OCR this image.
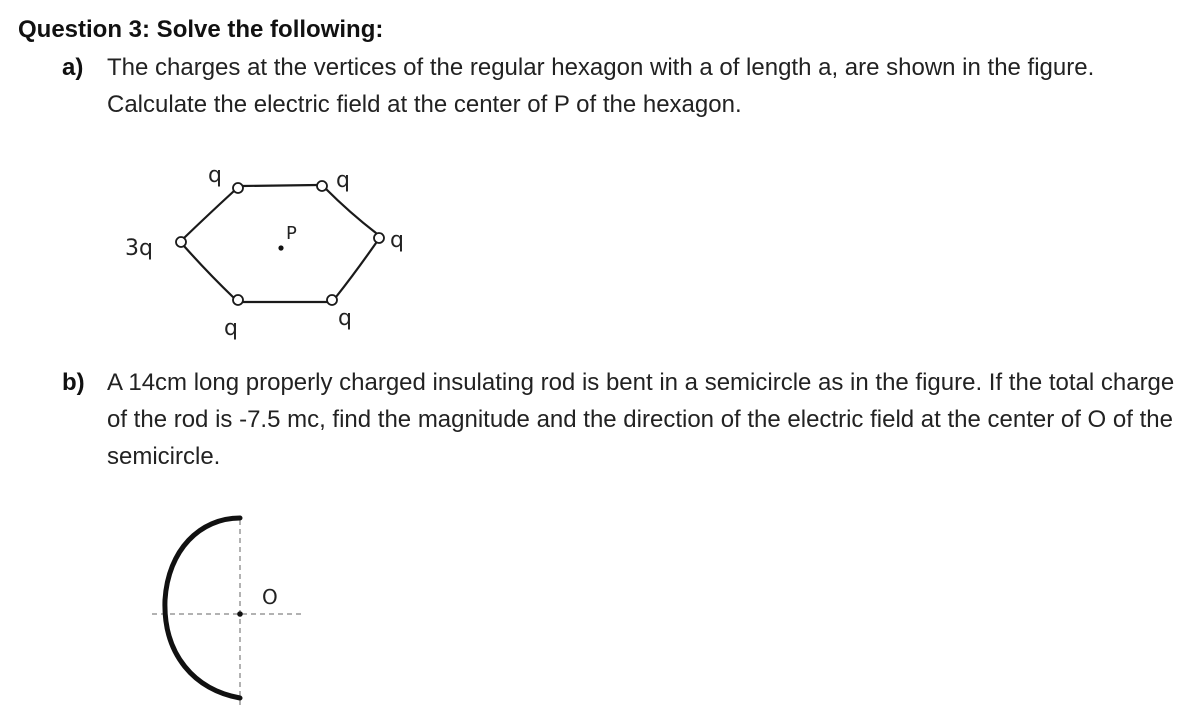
Question 3: Solve the following:
a) The charges at the vertices of the regular hexagon with a of length a, are shown in the figure. Calculate the electric field at the center of P of the hexagon.
q	q
3q	q
q	q
P
b) A 14cm long properly charged insulating rod is bent in a semicircle as in the figure. If the total charge of the rod is -7.5 mc, find the magnitude and the direction of the electric field at the center of O of the semicircle.
O
